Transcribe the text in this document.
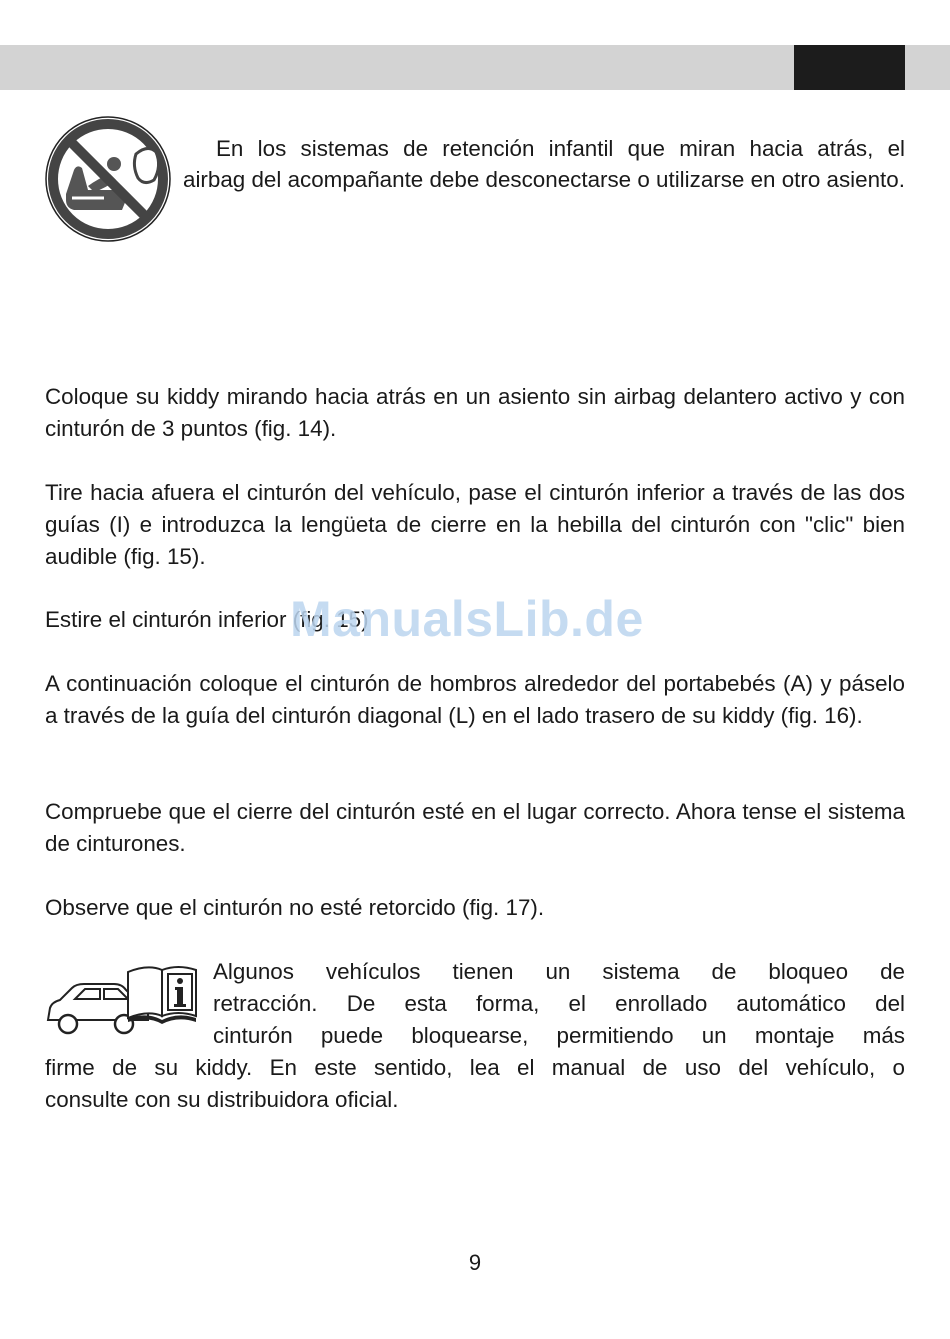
En los sistemas de retención infantil que miran hacia atrás, el airbag del acompañante debe desconectarse o utilizarse en otro asiento.

Coloque su kiddy mirando hacia atrás en un asiento sin airbag delantero activo y con cinturón de 3 puntos (fig. 14).

Tire hacia afuera el cinturón del vehículo, pase el cinturón inferior a través de las dos guías (I) e introduzca la lengüeta de cierre en la hebilla del cinturón con "clic" bien audible (fig. 15).

Estire el cinturón inferior (fig. 15)

A continuación coloque el cinturón de hombros alrededor del portabebés (A) y páselo a través de la guía del cinturón diagonal (L) en el lado trasero de su kiddy (fig. 16).

Compruebe que el cierre del cinturón esté en el lugar correcto. Ahora tense el sistema de cinturones.

Observe que el cinturón no esté retorcido (fig. 17).

ManualsLib.de
Algunos vehículos tienen un sistema de bloqueo de
retracción. De esta forma, el enrollado automático del
cinturón puede bloquearse, permitiendo un montaje más
firme de su kiddy. En este sentido, lea el manual de uso del vehículo, o
consulte con su distribuidora oficial.
9
